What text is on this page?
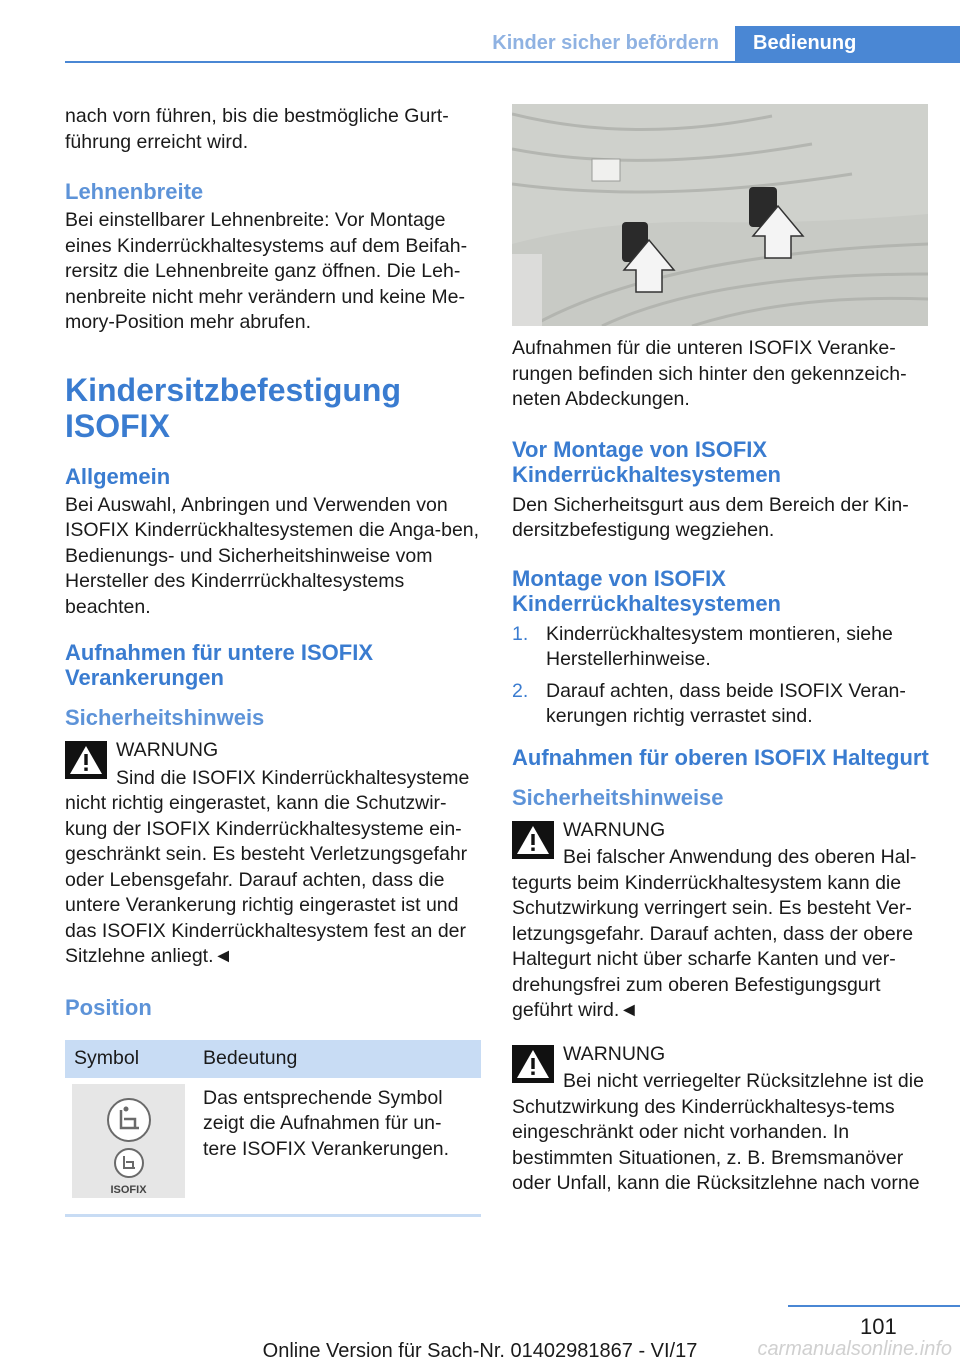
Kinder sicher befördern	Bedienung

nach vorn führen, bis die bestmögliche Gurt-führung erreicht wird.

Lehnenbreite

Bei einstellbarer Lehnenbreite: Vor Montage eines Kinderrückhaltesystems auf dem Beifah-rersitz die Lehnenbreite ganz öffnen. Die Leh-nenbreite nicht mehr verändern und keine Me-mory-Position mehr abrufen.

Kindersitzbefestigung ISOFIX
Allgemein

Bei Auswahl, Anbringen und Verwenden von ISOFIX Kinderrückhaltesystemen die Anga-ben, Bedienungs- und Sicherheitshinweise vom Hersteller des Kinderrrückhaltesystems beachten.

Aufnahmen für untere ISOFIX Verankerungen
Sicherheitshinweis

WARNUNG

Sind die ISOFIX Kinderrückhaltesysteme nicht richtig eingerastet, kann die Schutzwir-kung der ISOFIX Kinderrückhaltesysteme ein-geschränkt sein. Es besteht Verletzungsgefahr oder Lebensgefahr. Darauf achten, dass die untere Verankerung richtig eingerastet ist und das ISOFIX Kinderrückhaltesystem fest an der Sitzlehne anliegt.◄

Position
Symbol	Bedeutung

ISOFIX	Das entsprechende Symbol zeigt die Aufnahmen für un-tere ISOFIX Verankerungen.

Aufnahmen für die unteren ISOFIX Veranke-rungen befinden sich hinter den gekennzeich-neten Abdeckungen.

Vor Montage von ISOFIX Kinderrückhaltesystemen

Den Sicherheitsgurt aus dem Bereich der Kin-dersitzbefestigung wegziehen.

Montage von ISOFIX Kinderrückhaltesystemen
1. Kinderrückhaltesystem montieren, siehe Herstellerhinweise.
2. Darauf achten, dass beide ISOFIX Veran-kerungen richtig verrastet sind.
Aufnahmen für oberen ISOFIX Haltegurt
Sicherheitshinweise

WARNUNG

Bei falscher Anwendung des oberen Hal-tegurts beim Kinderrückhaltesystem kann die Schutzwirkung verringert sein. Es besteht Ver-letzungsgefahr. Darauf achten, dass der obere Haltegurt nicht über scharfe Kanten und ver-drehungsfrei zum oberen Befestigungsgurt geführt wird.◄

WARNUNG

Bei nicht verriegelter Rücksitzlehne ist die Schutzwirkung des Kinderrückhaltesys-tems eingeschränkt oder nicht vorhanden. In bestimmten Situationen, z. B. Bremsmanöver oder Unfall, kann die Rücksitzlehne nach vorne

101
Online Version für Sach-Nr. 01402981867 - VI/17	carmanualsonline.info
